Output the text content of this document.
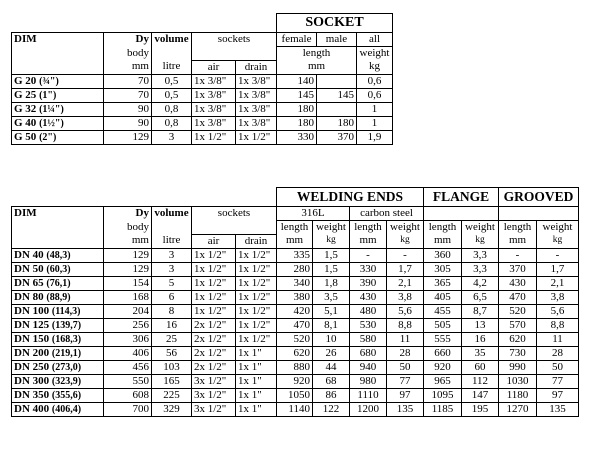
					SOCKET		
DIM	Dy	volume	sockets		female	male	all
	body				length		weight
	mm	litre	air	drain	mm		kg
G 20 (¾")	70	0,5	1x 3/8"	1x 3/8"	140		0,6
G 25 (1")	70	0,5	1x 3/8"	1x 3/8"	145	145	0,6
G 32 (1¼")	90	0,8	1x 3/8"	1x 3/8"	180		1
G 40 (1½")	90	0,8	1x 3/8"	1x 3/8"	180	180	1
G 50 (2")	129	3	1x 1/2"	1x 1/2"	330	370	1,9
					WELDING ENDS				FLANGE		GROOVED	
DIM	Dy	volume	sockets		316L		carbon steel					
	body				length	weight	length	weight	length	weight	length	weight
	mm	litre	air	drain	mm	kg	mm	kg	mm	kg	mm	kg
DN 40 (48,3)	129	3	1x 1/2"	1x 1/2"	335	1,5	-	-	360	3,3	-	-
DN 50 (60,3)	129	3	1x 1/2"	1x 1/2"	280	1,5	330	1,7	305	3,3	370	1,7
DN 65 (76,1)	154	5	1x 1/2"	1x 1/2"	340	1,8	390	2,1	365	4,2	430	2,1
DN 80 (88,9)	168	6	1x 1/2"	1x 1/2"	380	3,5	430	3,8	405	6,5	470	3,8
DN 100 (114,3)	204	8	1x 1/2"	1x 1/2"	420	5,1	480	5,6	455	8,7	520	5,6
DN 125 (139,7)	256	16	2x 1/2"	1x 1/2"	470	8,1	530	8,8	505	13	570	8,8
DN 150 (168,3)	306	25	2x 1/2"	1x 1/2"	520	10	580	11	555	16	620	11
DN 200 (219,1)	406	56	2x 1/2"	1x 1"	620	26	680	28	660	35	730	28
DN 250 (273,0)	456	103	2x 1/2"	1x 1"	880	44	940	50	920	60	990	50
DN 300 (323,9)	550	165	3x 1/2"	1x 1"	920	68	980	77	965	112	1030	77
DN 350 (355,6)	608	225	3x 1/2"	1x 1"	1050	86	1110	97	1095	147	1180	97
DN 400 (406,4)	700	329	3x 1/2"	1x 1"	1140	122	1200	135	1185	195	1270	135
